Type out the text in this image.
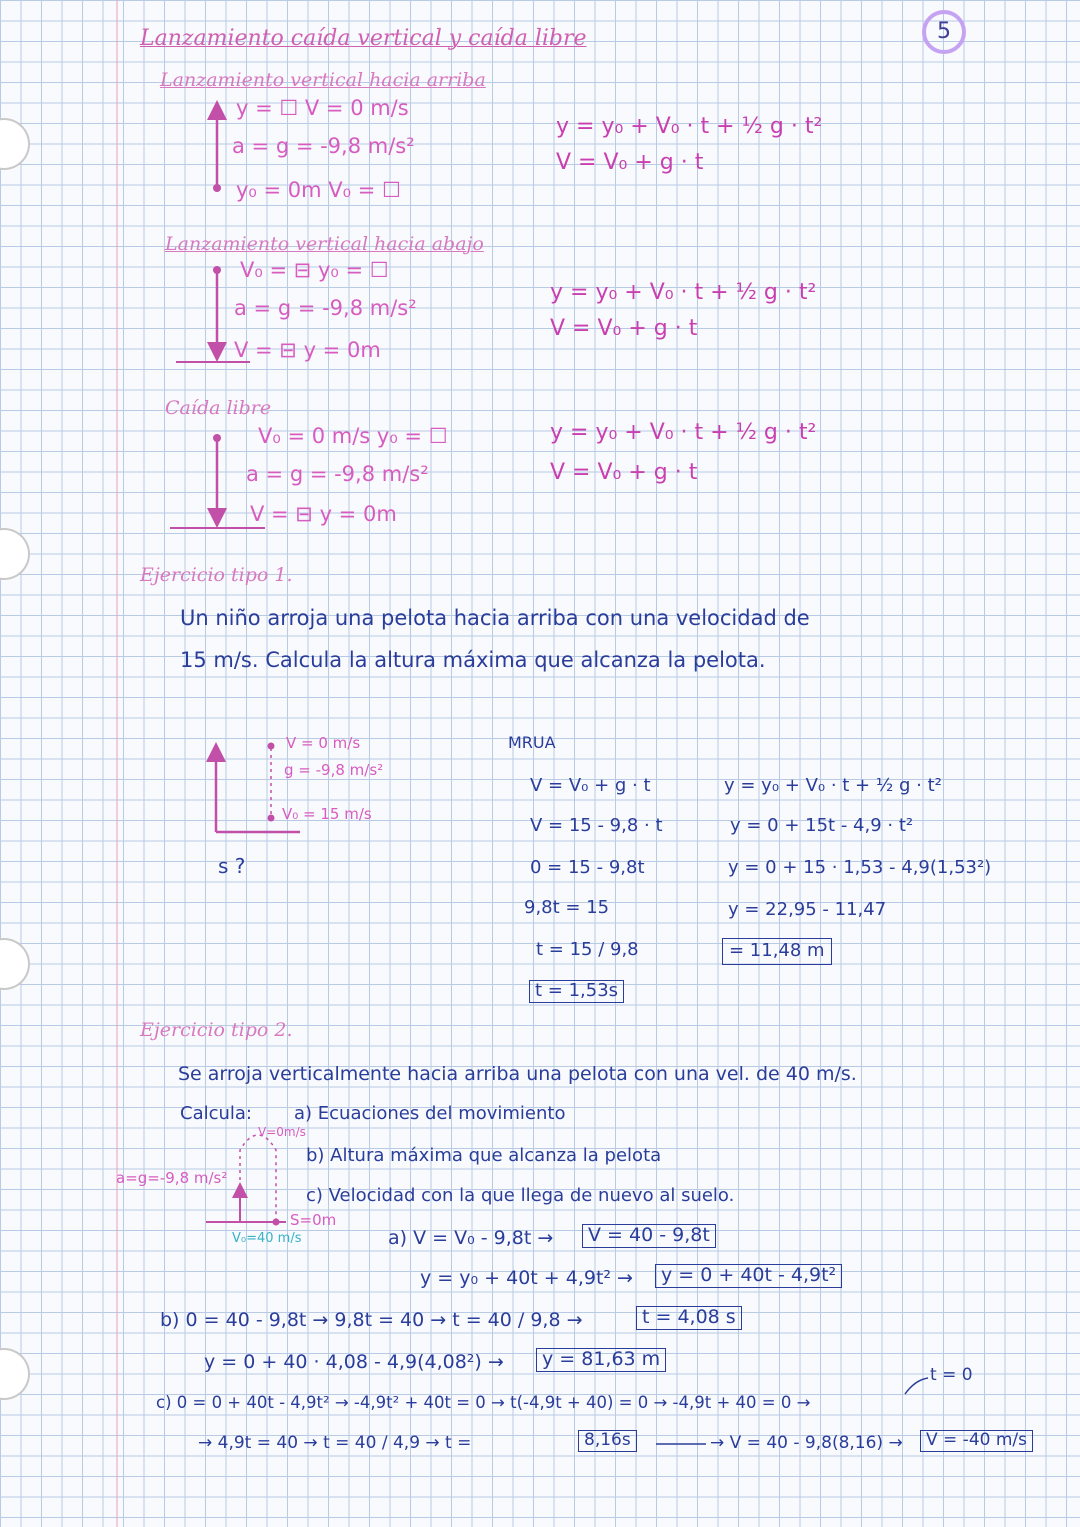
5
Lanzamiento caída vertical y caída libre
Lanzamiento vertical hacia arriba
y = ☐ V = 0 m/s
a = g = -9,8 m/s²
y₀ = 0m V₀ = ☐
y = y₀ + V₀ · t + ½ g · t²
V = V₀ + g · t
Lanzamiento vertical hacia abajo
V₀ = ⊟ y₀ = ☐
a = g = -9,8 m/s²
V = ⊟ y = 0m
y = y₀ + V₀ · t + ½ g · t²
V = V₀ + g · t
Caída libre
V₀ = 0 m/s y₀ = ☐
a = g = -9,8 m/s²
V = ⊟ y = 0m
y = y₀ + V₀ · t + ½ g · t²
V = V₀ + g · t
Ejercicio tipo 1.
Un niño arroja una pelota hacia arriba con una velocidad de
15 m/s. Calcula la altura máxima que alcanza la pelota.
V = 0 m/s
g = -9,8 m/s²
V₀ = 15 m/s
s ?
MRUA
V = V₀ + g · t
V = 15 - 9,8 · t
0 = 15 - 9,8t
9,8t = 15
t = 15 / 9,8
t = 1,53s
y = y₀ + V₀ · t + ½ g · t²
y = 0 + 15t - 4,9 · t²
y = 0 + 15 · 1,53 - 4,9(1,53²)
y = 22,95 - 11,47
= 11,48 m
Ejercicio tipo 2.
Se arroja verticalmente hacia arriba una pelota con una vel. de 40 m/s.
Calcula: a) Ecuaciones del movimiento
b) Altura máxima que alcanza la pelota
c) Velocidad con la que llega de nuevo al suelo.
V=0m/s
a=g=-9,8 m/s²
S=0m
V₀=40 m/s	a) V = V₀ - 9,8t →	V = 40 - 9,8t
y = y₀ + 40t + 4,9t² →	y = 0 + 40t - 4,9t²
b) 0 = 40 - 9,8t → 9,8t = 40 → t = 40 / 9,8 →	t = 4,08 s
y = 0 + 40 · 4,08 - 4,9(4,08²) →	y = 81,63 m
t = 0
c) 0 = 0 + 40t - 4,9t² → -4,9t² + 40t = 0 → t(-4,9t + 40) = 0 → -4,9t + 40 = 0 →
→ 4,9t = 40 → t = 40 / 4,9 → t =	8,16s	→ V = 40 - 9,8(8,16) →	V = -40 m/s
